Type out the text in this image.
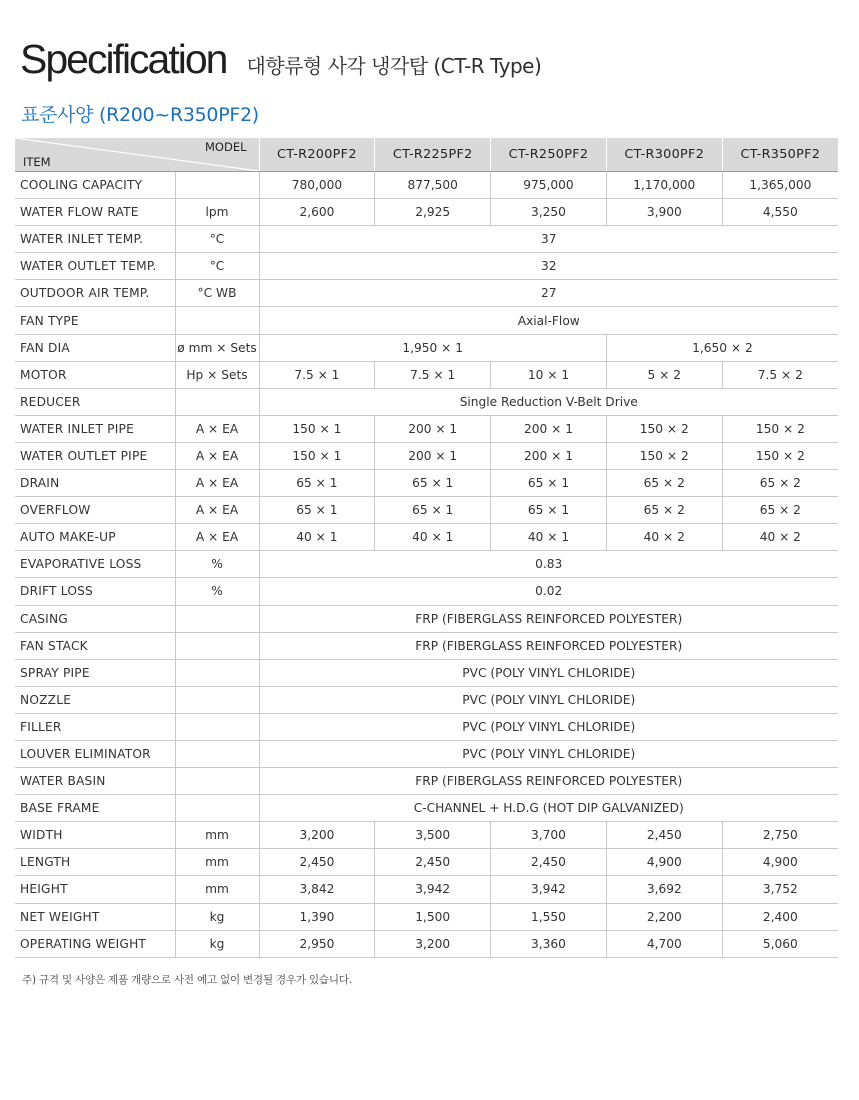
Specification 대향류형 사각 냉각탑 (CT-R Type)
표준사양 (R200~R350PF2)
MODEL
ITEM		CT-R200PF2	CT-R225PF2	CT-R250PF2	CT-R300PF2	CT-R350PF2
COOLING CAPACITY		780,000	877,500	975,000	1,170,000	1,365,000
WATER FLOW RATE	lpm	2,600	2,925	3,250	3,900	4,550
WATER INLET TEMP.	°C	37				
WATER OUTLET TEMP.	°C	32				
OUTDOOR AIR TEMP.	°C WB	27				
FAN TYPE		Axial-Flow				
FAN DIA	ø mm × Sets	1,950 × 1			1,650 × 2	
MOTOR	Hp × Sets	7.5 × 1	7.5 × 1	10 × 1	5 × 2	7.5 × 2
REDUCER		Single Reduction V-Belt Drive				
WATER INLET PIPE	A × EA	150 × 1	200 × 1	200 × 1	150 × 2	150 × 2
WATER OUTLET PIPE	A × EA	150 × 1	200 × 1	200 × 1	150 × 2	150 × 2
DRAIN	A × EA	65 × 1	65 × 1	65 × 1	65 × 2	65 × 2
OVERFLOW	A × EA	65 × 1	65 × 1	65 × 1	65 × 2	65 × 2
AUTO MAKE-UP	A × EA	40 × 1	40 × 1	40 × 1	40 × 2	40 × 2
EVAPORATIVE LOSS	%	0.83				
DRIFT LOSS	%	0.02				
CASING		FRP (FIBERGLASS REINFORCED POLYESTER)				
FAN STACK		FRP (FIBERGLASS REINFORCED POLYESTER)				
SPRAY PIPE		PVC (POLY VINYL CHLORIDE)				
NOZZLE		PVC (POLY VINYL CHLORIDE)				
FILLER		PVC (POLY VINYL CHLORIDE)				
LOUVER ELIMINATOR		PVC (POLY VINYL CHLORIDE)				
WATER BASIN		FRP (FIBERGLASS REINFORCED POLYESTER)				
BASE FRAME		C-CHANNEL + H.D.G (HOT DIP GALVANIZED)				
WIDTH	mm	3,200	3,500	3,700	2,450	2,750
LENGTH	mm	2,450	2,450	2,450	4,900	4,900
HEIGHT	mm	3,842	3,942	3,942	3,692	3,752
NET WEIGHT	kg	1,390	1,500	1,550	2,200	2,400
OPERATING WEIGHT	kg	2,950	3,200	3,360	4,700	5,060
주) 규격 및 사양은 제품 개량으로 사전 예고 없이 변경될 경우가 있습니다.
